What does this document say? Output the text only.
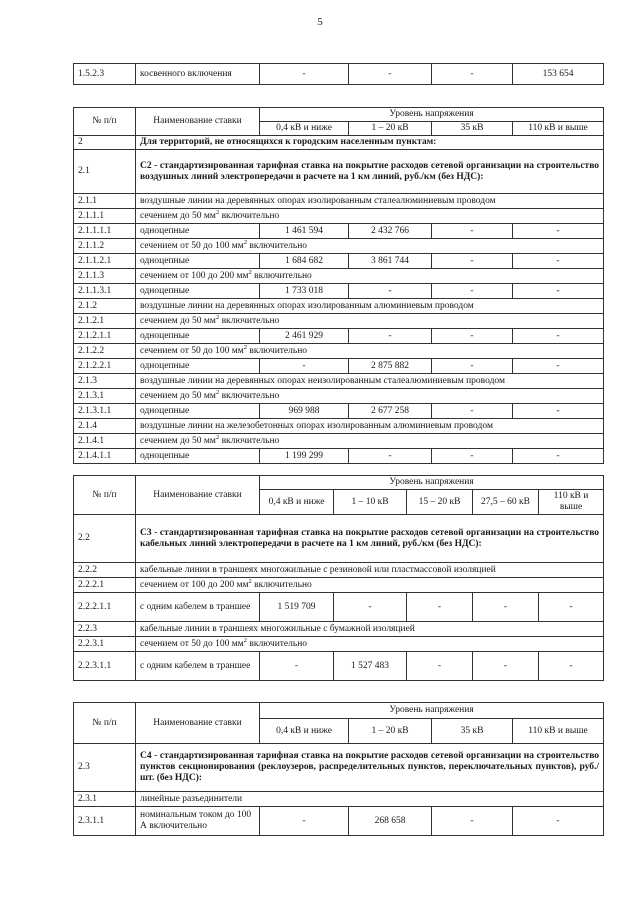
5
1.5.2.3	косвенного включения	-	-	-	153 654
№ п/п	Наименование ставки	Уровень напряжения			
		0,4 кВ и ниже	1 – 20 кВ	35 кВ	110 кВ и выше
2	Для территорий, не относящихся к городским населенным пунктам:				
2.1	С2 - стандартизированная тарифная ставка на покрытие расходов сетевой организации на строительство воздушных линий электропередачи в расчете на 1 км линий, руб./км (без НДС):				
2.1.1	воздушные линии на деревянных опорах изолированным сталеалюминиевым проводом				
2.1.1.1	сечением до 50 $мм^2$ включительно				
2.1.1.1.1	одноцепные	1 461 594	2 432 766	-	-
2.1.1.2	сечением от 50 до 100 $мм^2$ включительно				
2.1.1.2.1	одноцепные	1 684 682	3 861 744	-	-
2.1.1.3	сечением от 100 до 200 $мм^2$ включительно				
2.1.1.3.1	одноцепные	1 733 018	-	-	-
2.1.2	воздушные линии на деревянных опорах изолированным алюминиевым проводом				
2.1.2.1	сечением до 50 $мм^2$ включительно				
2.1.2.1.1	одноцепные	2 461 929	-	-	-
2.1.2.2	сечением от 50 до 100 $мм^2$ включительно				
2.1.2.2.1	одноцепные	-	2 875 882	-	-
2.1.3	воздушные линии на деревянных опорах неизолированным сталеалюминиевым проводом				
2.1.3.1	сечением до 50 $мм^2$ включительно				
2.1.3.1.1	одноцепные	969 988	2 677 258	-	-
2.1.4	воздушные линии на железобетонных опорах изолированным алюминиевым проводом				
2.1.4.1	сечением до 50 $мм^2$ включительно				
2.1.4.1.1	одноцепные	1 199 299	-	-	-
№ п/п	Наименование ставки	Уровень напряжения				
		0,4 кВ и ниже	1 – 10 кВ	15 – 20 кВ	27,5 – 60 кВ	110 кВ и выше
2.2	С3 - стандартизированная тарифная ставка на покрытие расходов сетевой организации на строительство кабельных линий электропередачи в расчете на 1 км линий, руб./км (без НДС):					
2.2.2	кабельные линии в траншеях многожильные с резиновой или пластмассовой изоляцией					
2.2.2.1	сечением от 100 до 200 $мм^2$ включительно					
2.2.2.1.1	с одним кабелем в траншее	1 519 709	-	-	-	-
2.2.3	кабельные линии в траншеях многожильные с бумажной изоляцией					
2.2.3.1	сечением от 50 до 100 $мм^2$ включительно					
2.2.3.1.1	с одним кабелем в траншее	-	1 527 483	-	-	-
№ п/п	Наименование ставки	Уровень напряжения			
		0,4 кВ и ниже	1 – 20 кВ	35 кВ	110 кВ и выше
2.3	С4 - стандартизированная тарифная ставка на покрытие расходов сетевой организации на строительство пунктов секционирования (реклоузеров, распределительных пунктов, переключательных пунктов), руб./шт. (без НДС):				
2.3.1	линейные разъединители				
2.3.1.1	номинальным током до 100 А включительно	-	268 658	-	-
